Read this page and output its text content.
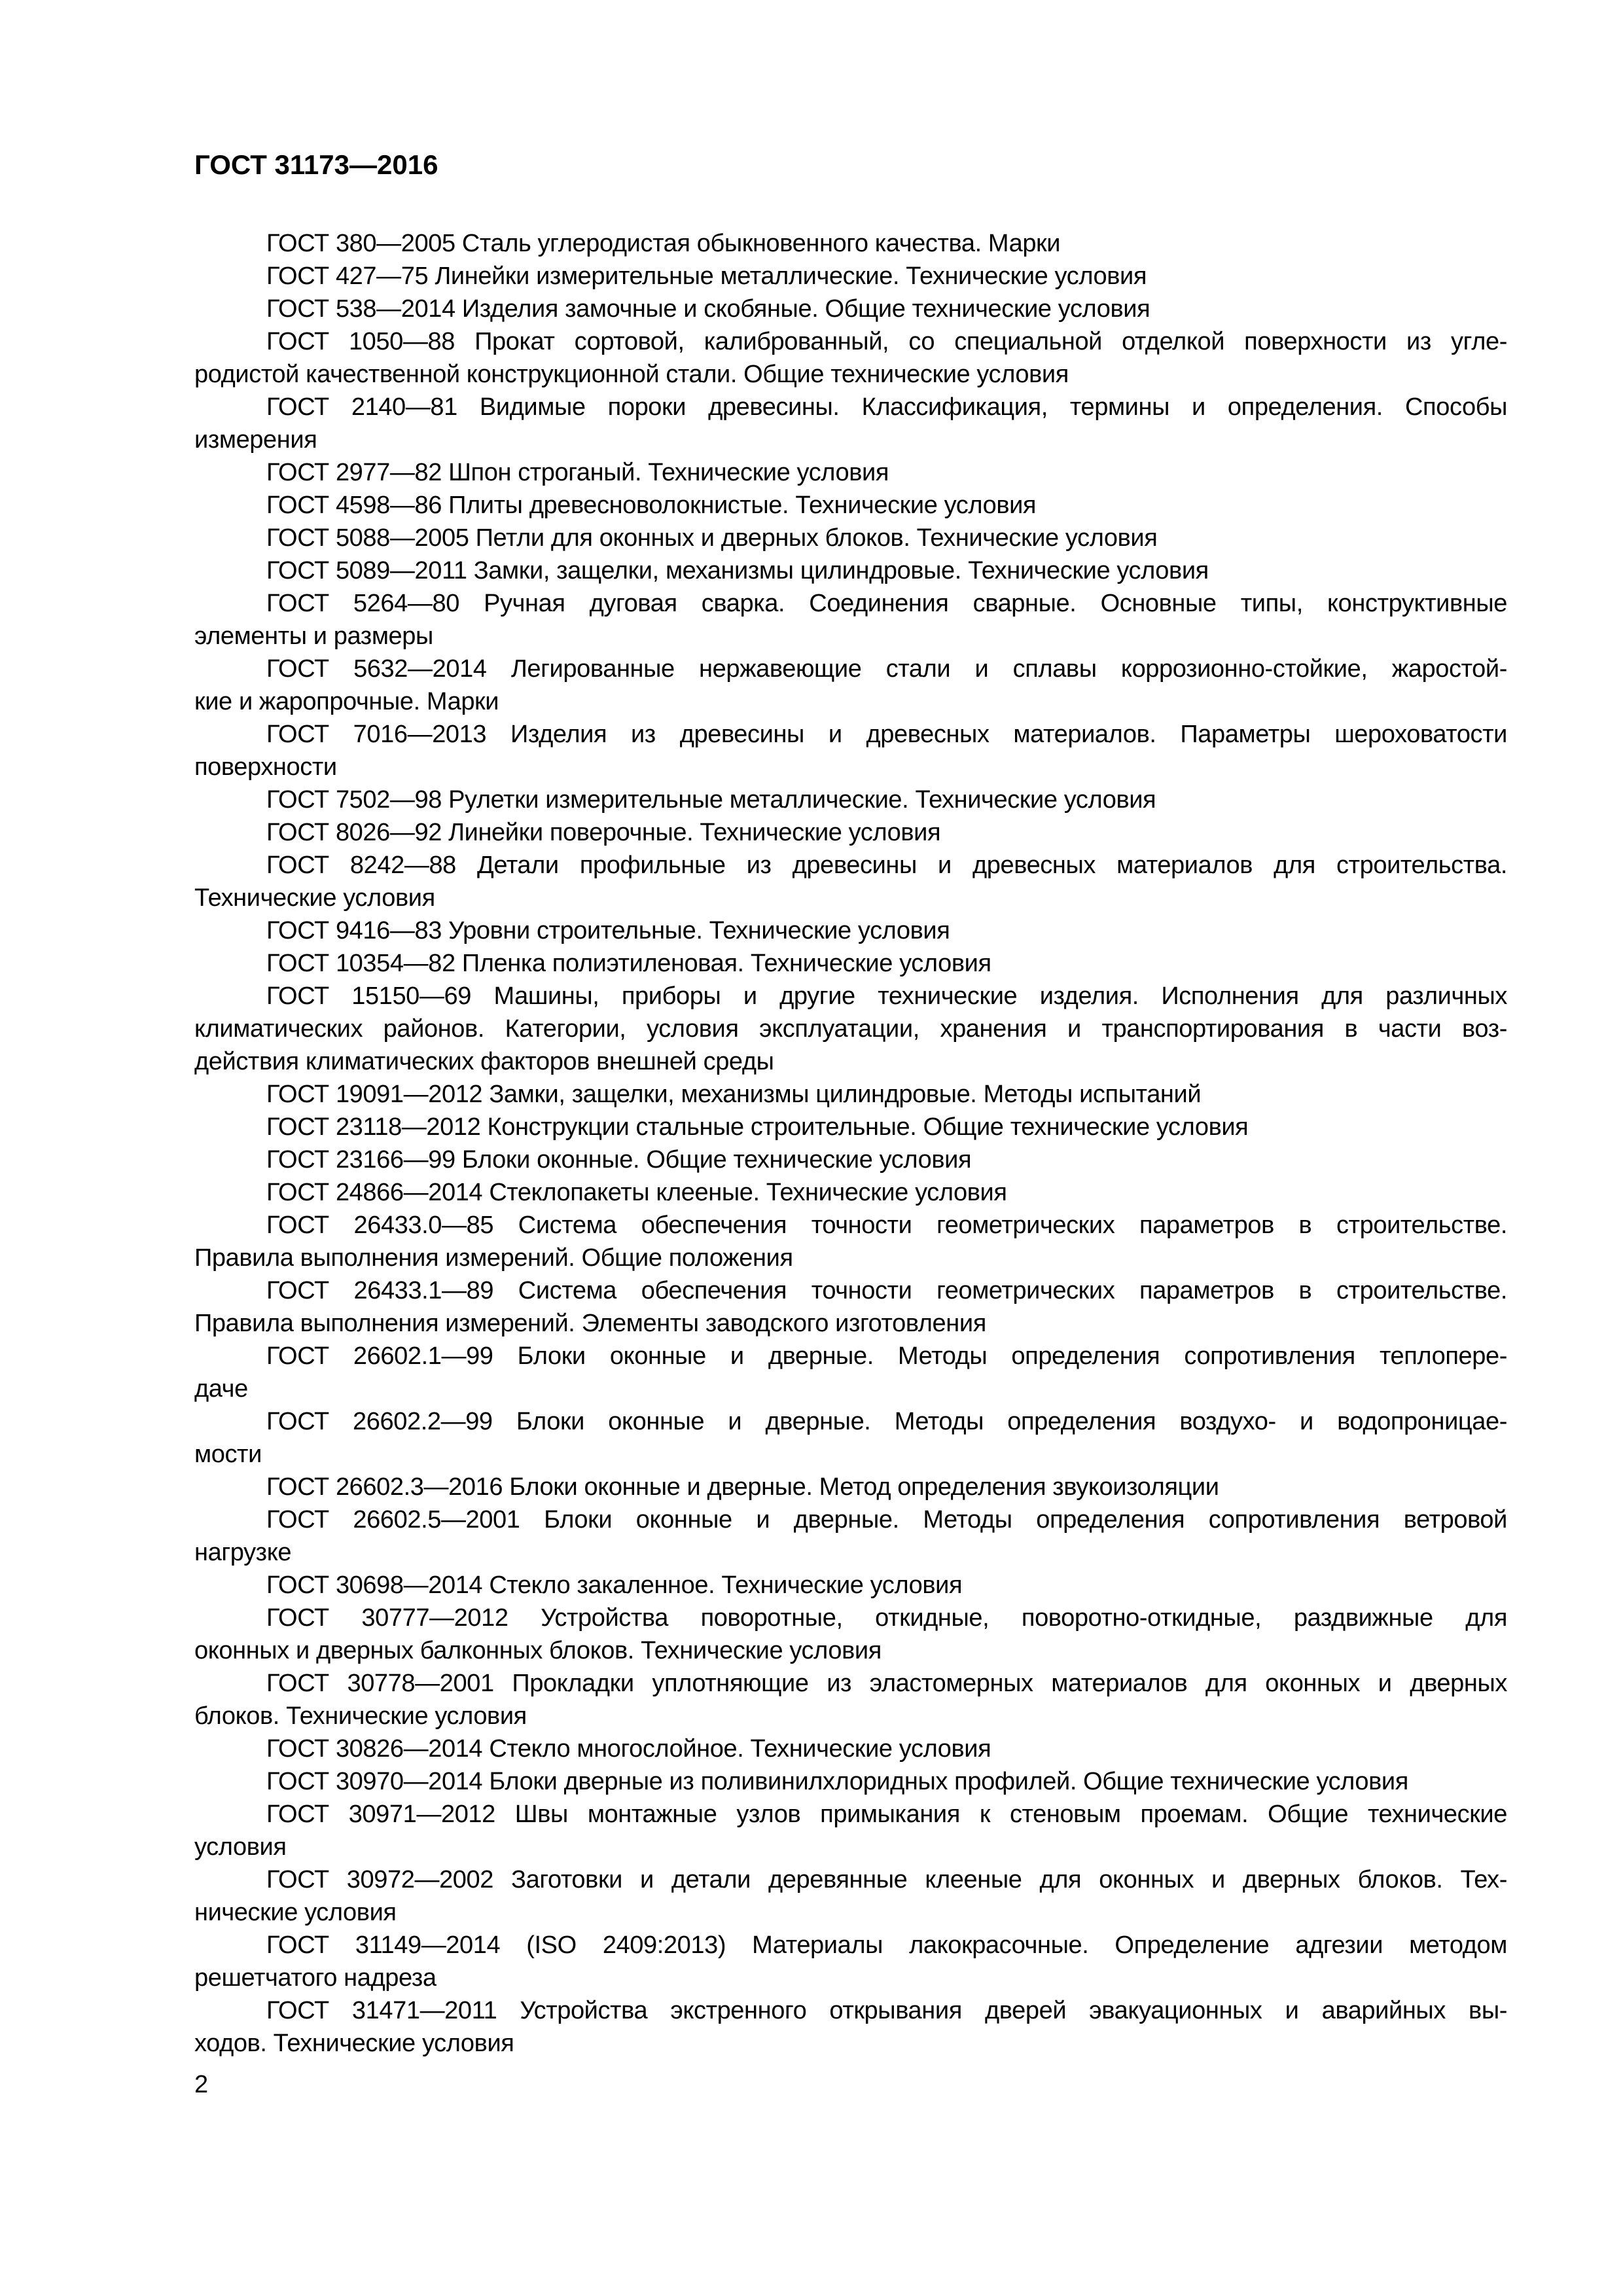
ГОСТ 31173—2016

ГОСТ 380—2005 Сталь углеродистая обыкновенного качества. Марки

ГОСТ 427—75 Линейки измерительные металлические. Технические условия

ГОСТ 538—2014 Изделия замочные и скобяные. Общие технические условия

ГОСТ 1050—88 Прокат сортовой, калиброванный, со специальной отделкой поверхности из угле-
родистой качественной конструкционной стали. Общие технические условия

ГОСТ 2140—81 Видимые пороки древесины. Классификация, термины и определения. Способы
измерения

ГОСТ 2977—82 Шпон строганый. Технические условия

ГОСТ 4598—86 Плиты древесноволокнистые. Технические условия

ГОСТ 5088—2005 Петли для оконных и дверных блоков. Технические условия

ГОСТ 5089—2011 Замки, защелки, механизмы цилиндровые. Технические условия

ГОСТ 5264—80 Ручная дуговая сварка. Соединения сварные. Основные типы, конструктивные
элементы и размеры

ГОСТ 5632—2014 Легированные нержавеющие стали и сплавы коррозионно-стойкие, жаростой-
кие и жаропрочные. Марки

ГОСТ 7016—2013 Изделия из древесины и древесных материалов. Параметры шероховатости
поверхности

ГОСТ 7502—98 Рулетки измерительные металлические. Технические условия

ГОСТ 8026—92 Линейки поверочные. Технические условия

ГОСТ 8242—88 Детали профильные из древесины и древесных материалов для строительства.
Технические условия

ГОСТ 9416—83 Уровни строительные. Технические условия

ГОСТ 10354—82 Пленка полиэтиленовая. Технические условия

ГОСТ 15150—69 Машины, приборы и другие технические изделия. Исполнения для различных
климатических районов. Категории, условия эксплуатации, хранения и транспортирования в части воз-
действия климатических факторов внешней среды

ГОСТ 19091—2012 Замки, защелки, механизмы цилиндровые. Методы испытаний

ГОСТ 23118—2012 Конструкции стальные строительные. Общие технические условия

ГОСТ 23166—99 Блоки оконные. Общие технические условия

ГОСТ 24866—2014 Стеклопакеты клееные. Технические условия

ГОСТ 26433.0—85 Система обеспечения точности геометрических параметров в строительстве.
Правила выполнения измерений. Общие положения

ГОСТ 26433.1—89 Система обеспечения точности геометрических параметров в строительстве.
Правила выполнения измерений. Элементы заводского изготовления

ГОСТ 26602.1—99 Блоки оконные и дверные. Методы определения сопротивления теплопере-
даче

ГОСТ 26602.2—99 Блоки оконные и дверные. Методы определения воздухо- и водопроницае-
мости

ГОСТ 26602.3—2016 Блоки оконные и дверные. Метод определения звукоизоляции

ГОСТ 26602.5—2001 Блоки оконные и дверные. Методы определения сопротивления ветровой
нагрузке

ГОСТ 30698—2014 Стекло закаленное. Технические условия

ГОСТ 30777—2012 Устройства поворотные, откидные, поворотно-откидные, раздвижные для
оконных и дверных балконных блоков. Технические условия

ГОСТ 30778—2001 Прокладки уплотняющие из эластомерных материалов для оконных и дверных
блоков. Технические условия

ГОСТ 30826—2014 Стекло многослойное. Технические условия

ГОСТ 30970—2014 Блоки дверные из поливинилхлоридных профилей. Общие технические условия

ГОСТ 30971—2012 Швы монтажные узлов примыкания к стеновым проемам. Общие технические
условия

ГОСТ 30972—2002 Заготовки и детали деревянные клееные для оконных и дверных блоков. Тех-
нические условия

ГОСТ 31149—2014 (ISO 2409:2013) Материалы лакокрасочные. Определение адгезии методом
решетчатого надреза

ГОСТ 31471—2011 Устройства экстренного открывания дверей эвакуационных и аварийных вы-
ходов. Технические условия

2
